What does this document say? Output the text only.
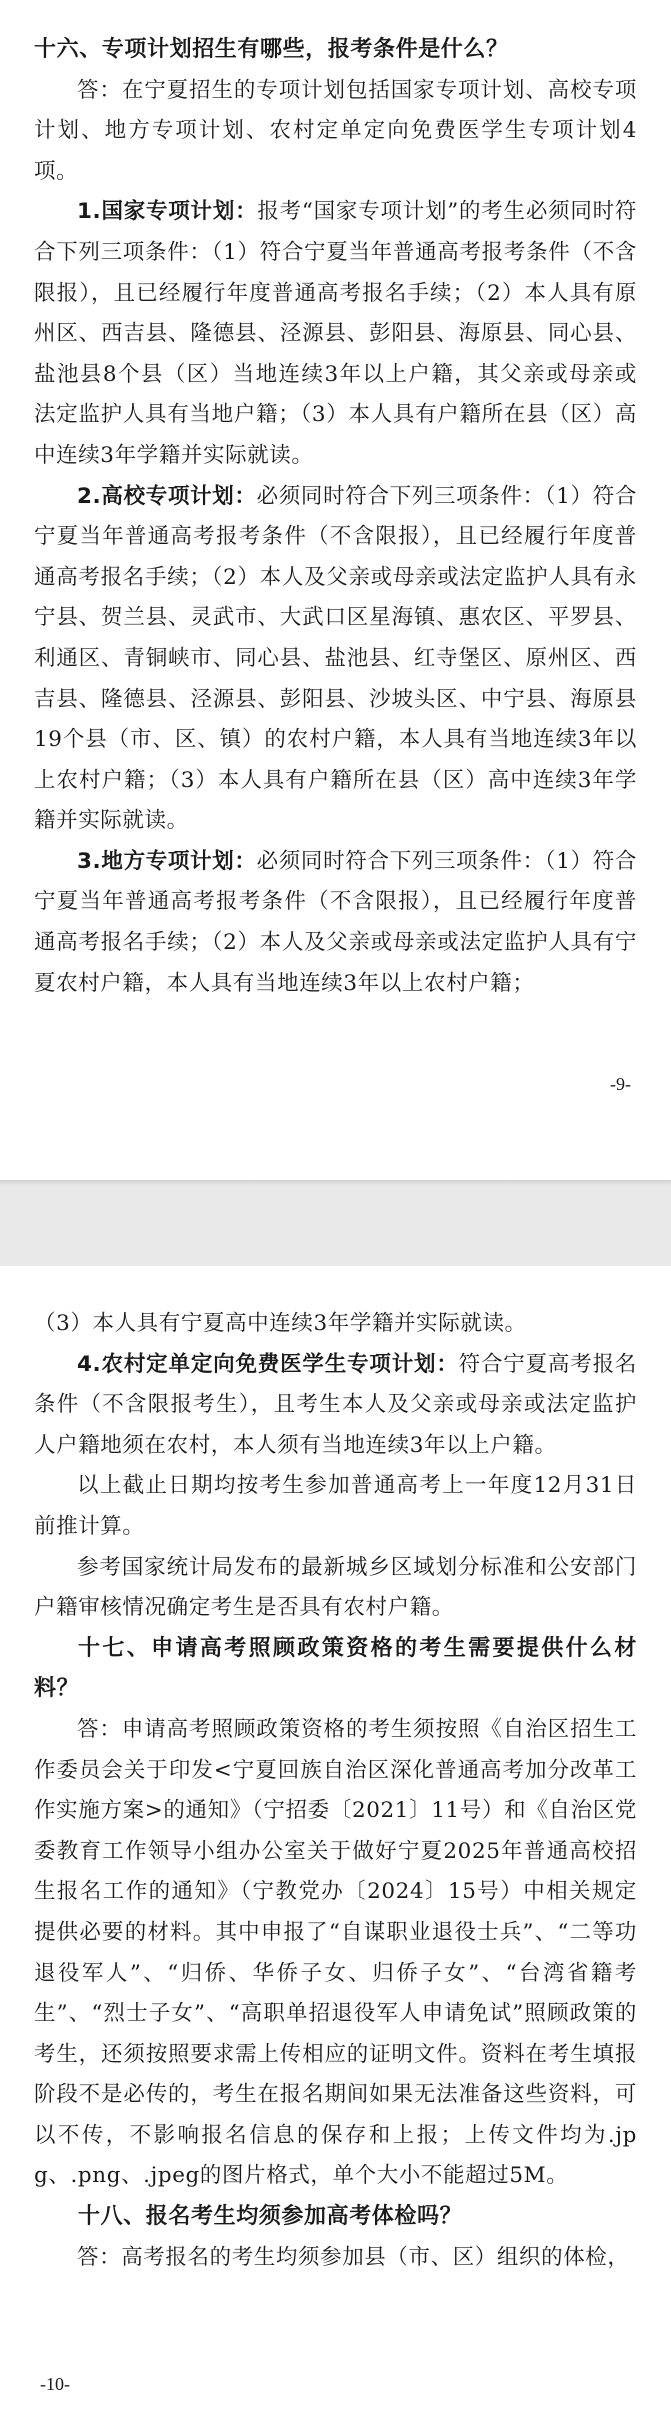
十六、专项计划招生有哪些，报考条件是什么？

答：在宁夏招生的专项计划包括国家专项计划、高校专项计划、地方专项计划、农村定单定向免费医学生专项计划4项。

1.国家专项计划：报考“国家专项计划”的考生必须同时符合下列三项条件：（1）符合宁夏当年普通高考报考条件（不含限报），且已经履行年度普通高考报名手续；（2）本人具有原州区、西吉县、隆德县、泾源县、彭阳县、海原县、同心县、盐池县8个县（区）当地连续3年以上户籍，其父亲或母亲或法定监护人具有当地户籍；（3）本人具有户籍所在县（区）高中连续3年学籍并实际就读。

2.高校专项计划：必须同时符合下列三项条件：（1）符合宁夏当年普通高考报考条件（不含限报），且已经履行年度普通高考报名手续；（2）本人及父亲或母亲或法定监护人具有永宁县、贺兰县、灵武市、大武口区星海镇、惠农区、平罗县、利通区、青铜峡市、同心县、盐池县、红寺堡区、原州区、西吉县、隆德县、泾源县、彭阳县、沙坡头区、中宁县、海原县19个县（市、区、镇）的农村户籍，本人具有当地连续3年以上农村户籍；（3）本人具有户籍所在县（区）高中连续3年学籍并实际就读。

3.地方专项计划：必须同时符合下列三项条件：（1）符合宁夏当年普通高考报考条件（不含限报），且已经履行年度普通高考报名手续；（2）本人及父亲或母亲或法定监护人具有宁夏农村户籍，本人具有当地连续3年以上农村户籍；

-9-

（3）本人具有宁夏高中连续3年学籍并实际就读。

4.农村定单定向免费医学生专项计划：符合宁夏高考报名条件（不含限报考生），且考生本人及父亲或母亲或法定监护人户籍地须在农村，本人须有当地连续3年以上户籍。

以上截止日期均按考生参加普通高考上一年度12月31日前推计算。

参考国家统计局发布的最新城乡区域划分标准和公安部门户籍审核情况确定考生是否具有农村户籍。

十七、申请高考照顾政策资格的考生需要提供什么材料？

答：申请高考照顾政策资格的考生须按照《自治区招生工作委员会关于印发<宁夏回族自治区深化普通高考加分改革工作实施方案>的通知》（宁招委〔2021〕11号）和《自治区党委教育工作领导小组办公室关于做好宁夏2025年普通高校招生报名工作的通知》（宁教党办〔2024〕15号）中相关规定提供必要的材料。其中申报了“自谋职业退役士兵”、“二等功退役军人”、“归侨、华侨子女、归侨子女”、“台湾省籍考生”、“烈士子女”、“高职单招退役军人申请免试”照顾政策的考生，还须按照要求需上传相应的证明文件。资料在考生填报阶段不是必传的，考生在报名期间如果无法准备这些资料，可以不传，不影响报名信息的保存和上报；上传文件均为.jpg、.png、.jpeg的图片格式，单个大小不能超过5M。

十八、报名考生均须参加高考体检吗？

答：高考报名的考生均须参加县（市、区）组织的体检，

-10-
